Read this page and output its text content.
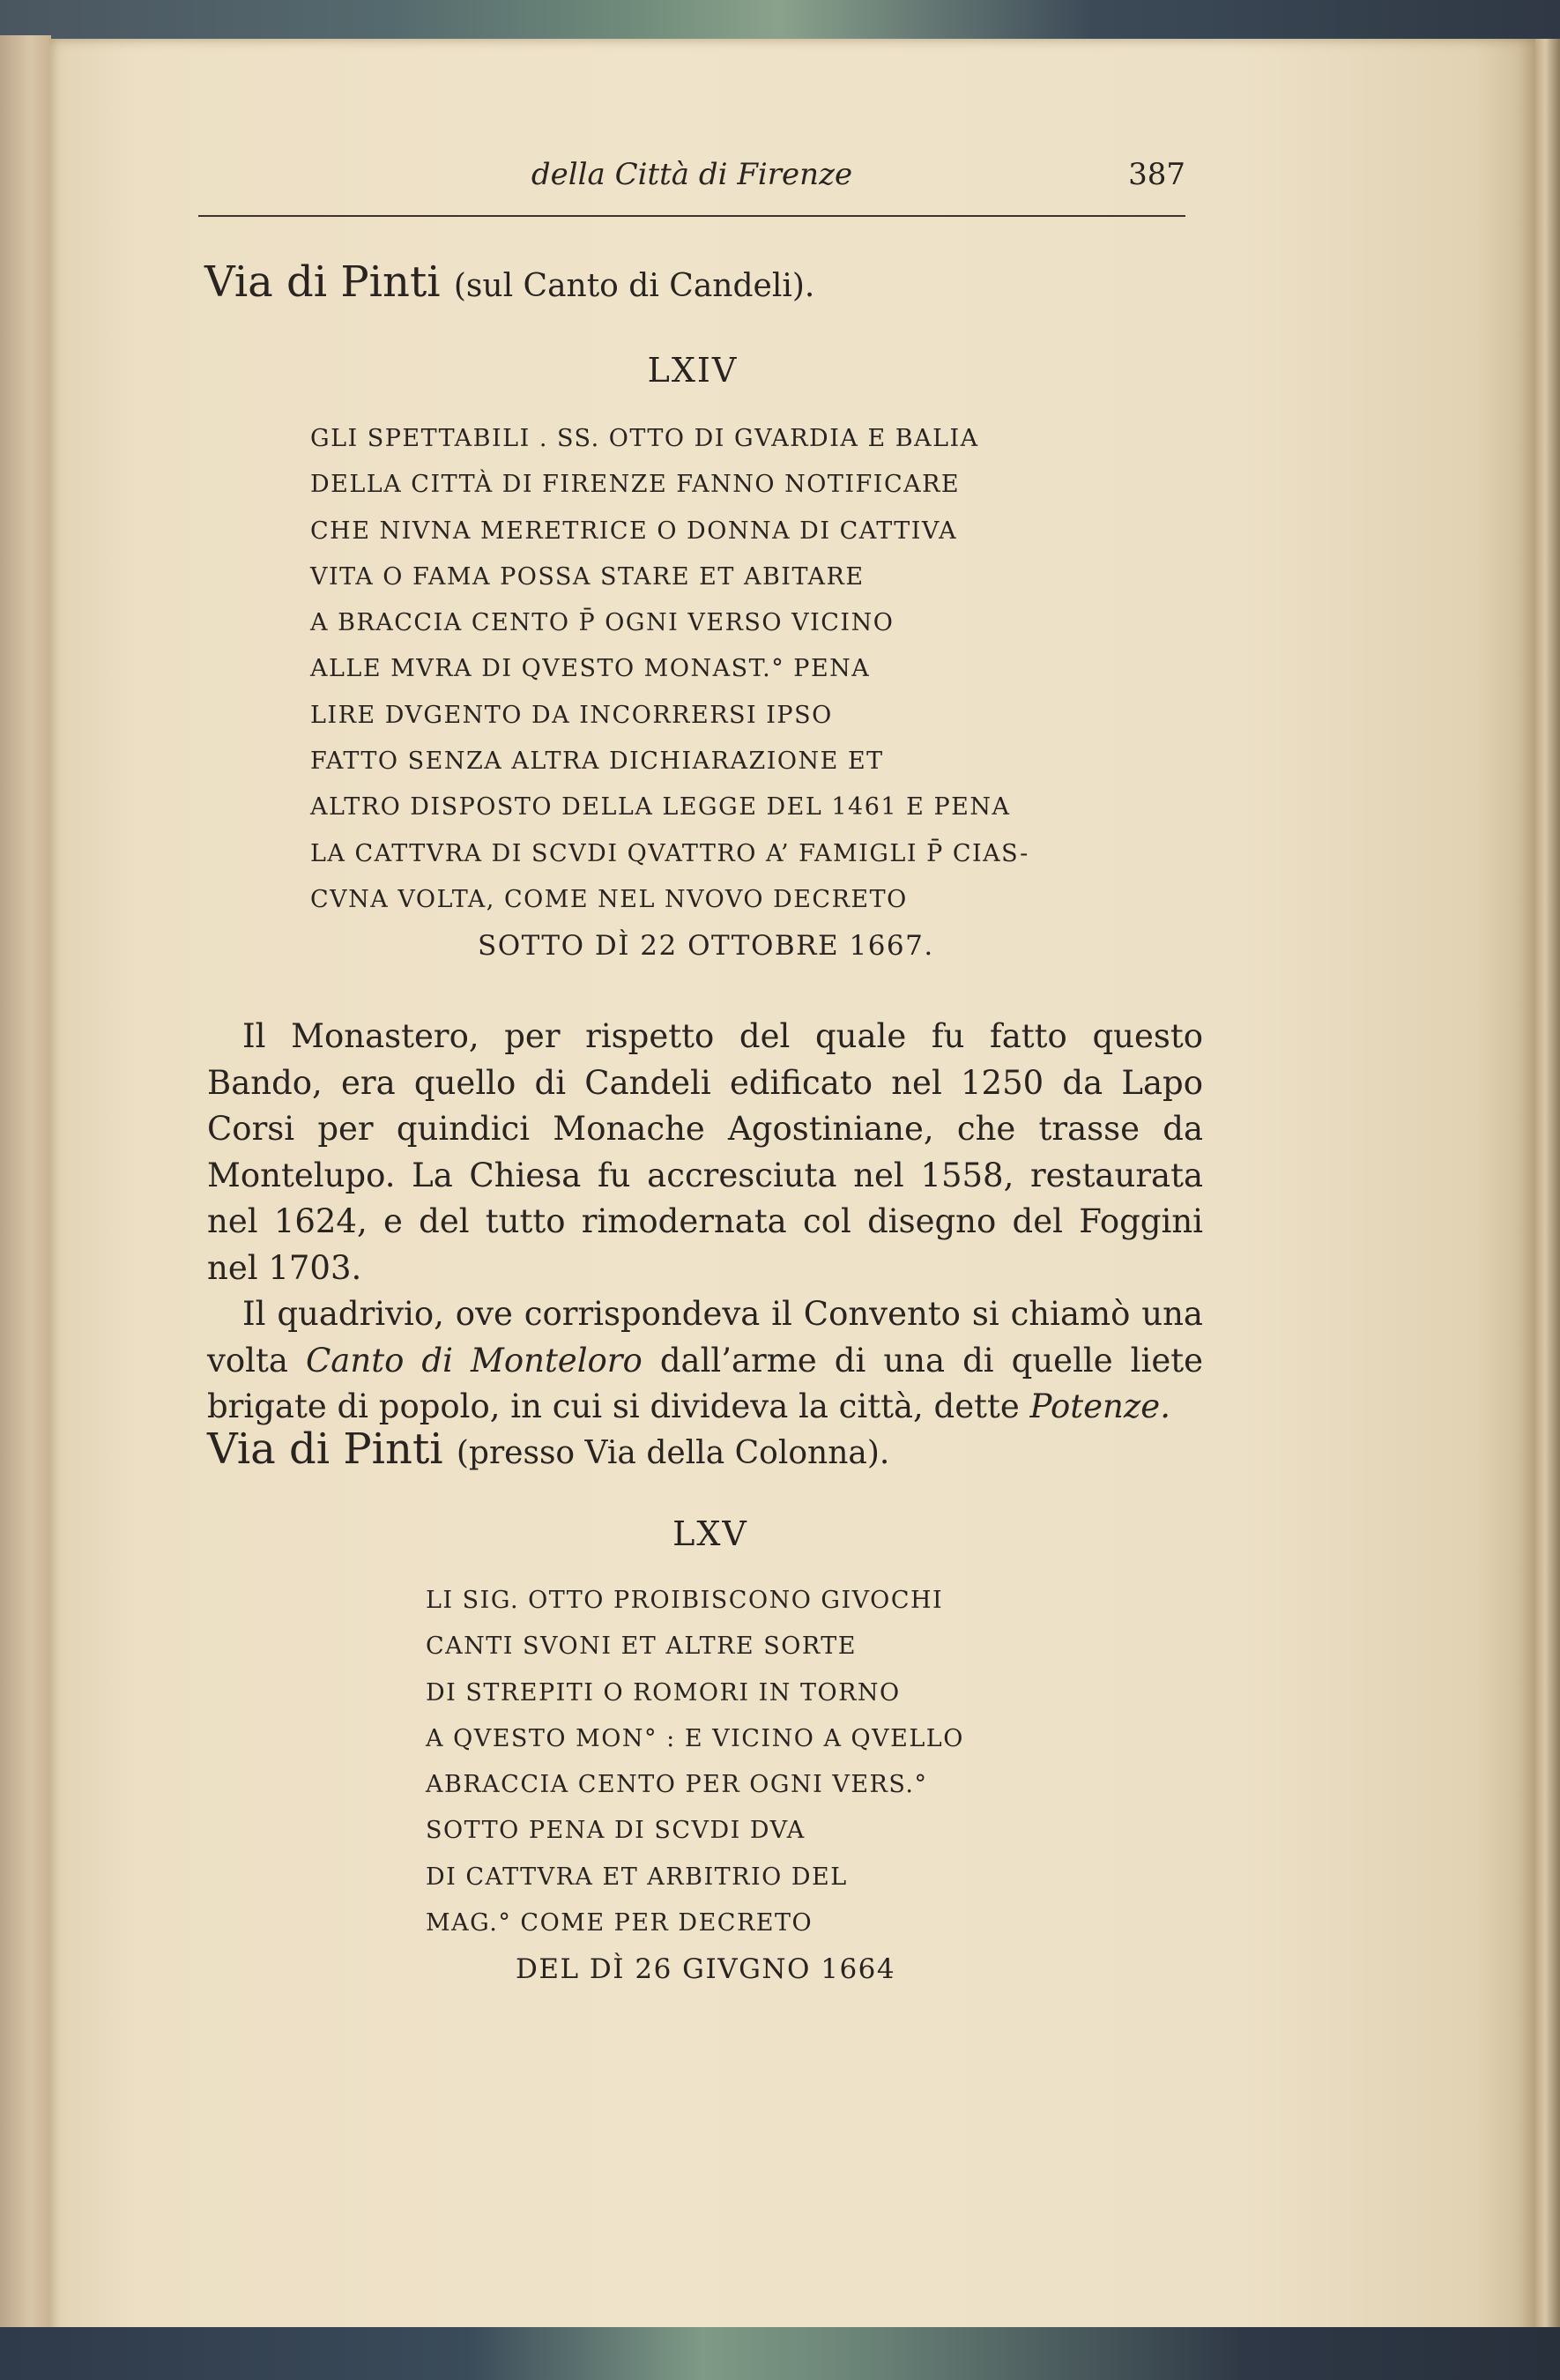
della Città di Firenze	387
Via di Pinti (sul Canto di Candeli).
LXIV
GLI SPETTABILI . SS. OTTO DI GVARDIA E BALIA
DELLA CITTÀ DI FIRENZE FANNO NOTIFICARE
CHE NIVNA MERETRICE O DONNA DI CATTIVA
VITA O FAMA POSSA STARE ET ABITARE
A BRACCIA CENTO P̄ OGNI VERSO VICINO
ALLE MVRA DI QVESTO MONAST.° PENA
LIRE DVGENTO DA INCORRERSI IPSO
FATTO SENZA ALTRA DICHIARAZIONE ET
ALTRO DISPOSTO DELLA LEGGE DEL 1461 E PENA
LA CATTVRA DI SCVDI QVATTRO A’ FAMIGLI P̄ CIAS-
CVNA VOLTA, COME NEL NVOVO DECRETO
SOTTO DÌ 22 OTTOBRE 1667.

Il Monastero, per rispetto del quale fu fatto questo Bando, era quello di Candeli edificato nel 1250 da Lapo Corsi per quindici Monache Agostiniane, che trasse da Montelupo. La Chiesa fu accresciuta nel 1558, restaurata nel 1624, e del tutto rimodernata col disegno del Foggini nel 1703.

Il quadrivio, ove corrispondeva il Convento si chiamò una volta Canto di Monteloro dall’arme di una di quelle liete brigate di popolo, in cui si divideva la città, dette Potenze.

Via di Pinti (presso Via della Colonna).
LXV
LI SIG. OTTO PROIBISCONO GIVOCHI
CANTI SVONI ET ALTRE SORTE
DI STREPITI O ROMORI IN TORNO
A QVESTO MON° : E VICINO A QVELLO
ABRACCIA CENTO PER OGNI VERS.°
SOTTO PENA DI SCVDI DVA
DI CATTVRA ET ARBITRIO DEL
MAG.° COME PER DECRETO
DEL DÌ 26 GIVGNO 1664
